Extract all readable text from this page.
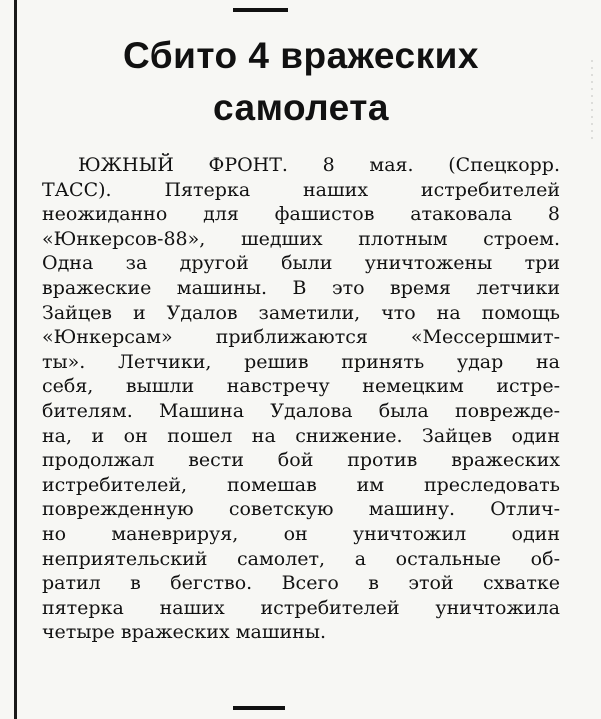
Сбито 4 вражеских
самолета
ЮЖНЫЙ ФРОНТ. 8 мая. (Спецкорр.
ТАСС). Пятерка наших истребителей
неожиданно для фашистов атаковала 8
«Юнкерсов-88», шедших плотным строем.
Одна за другой были уничтожены три
вражеские машины. В это время летчики
Зайцев и Удалов заметили, что на помощь
«Юнкерсам» приближаются «Мессершмит-
ты». Летчики, решив принять удар на
себя, вышли навстречу немецким истре-
бителям. Машина Удалова была повреждe-
на, и он пошел на снижение. Зайцев один
продолжал вести бой против вражеских
истребителей, помешав им преследовать
поврежденную советскую машину. Отлич-
но маневрируя, он уничтожил один
неприятельский самолет, а остальные об-
ратил в бегство. Всего в этой схватке
пятерка наших истребителей уничтожила
четыре вражеских машины.
